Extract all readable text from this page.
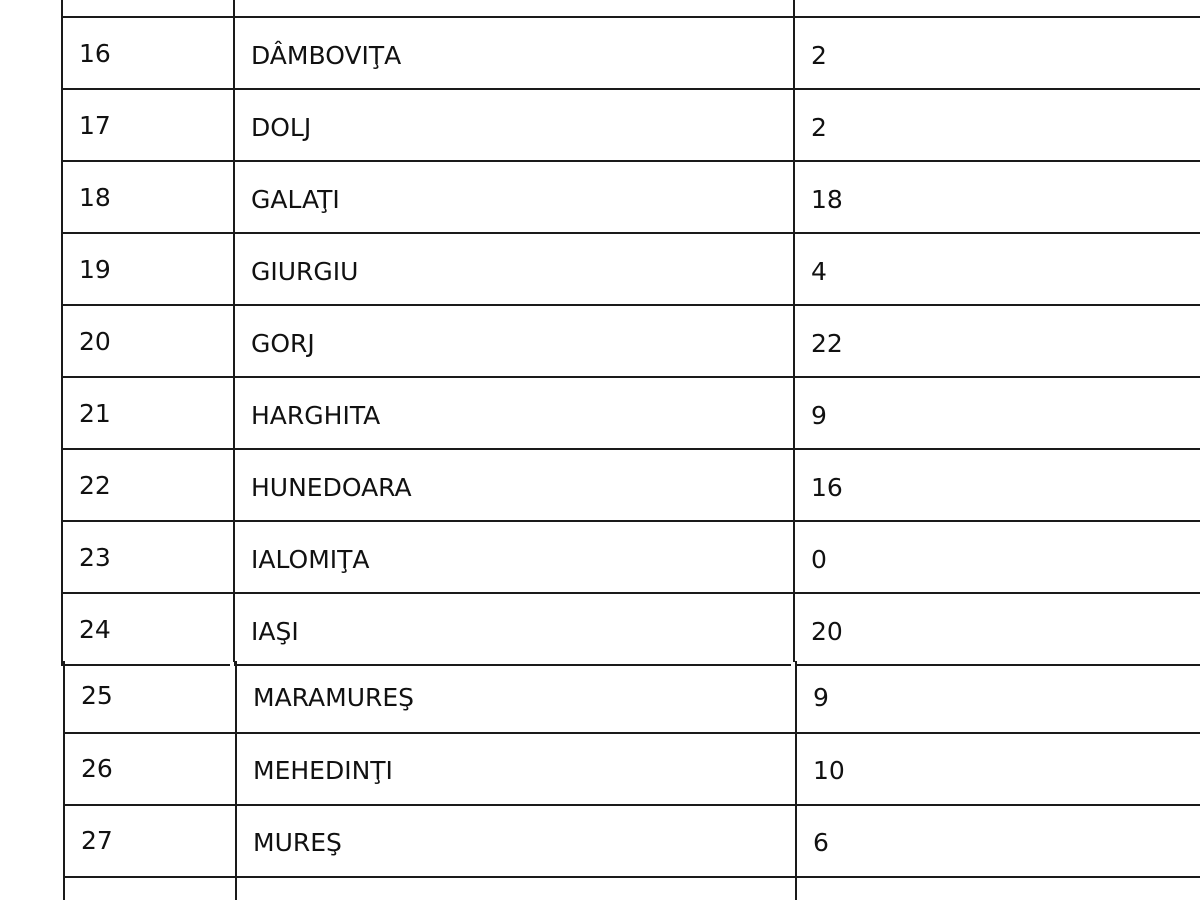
16	DÂMBOVIŢA	2

17	DOLJ	2

18	GALAŢI	18

19	GIURGIU	4

20	GORJ	22

21	HARGHITA	9

22	HUNEDOARA	16

23	IALOMIŢA	0

24	IAŞI	20
25	MARAMUREŞ	9

26	MEHEDINŢI	10

27	MUREŞ	6
